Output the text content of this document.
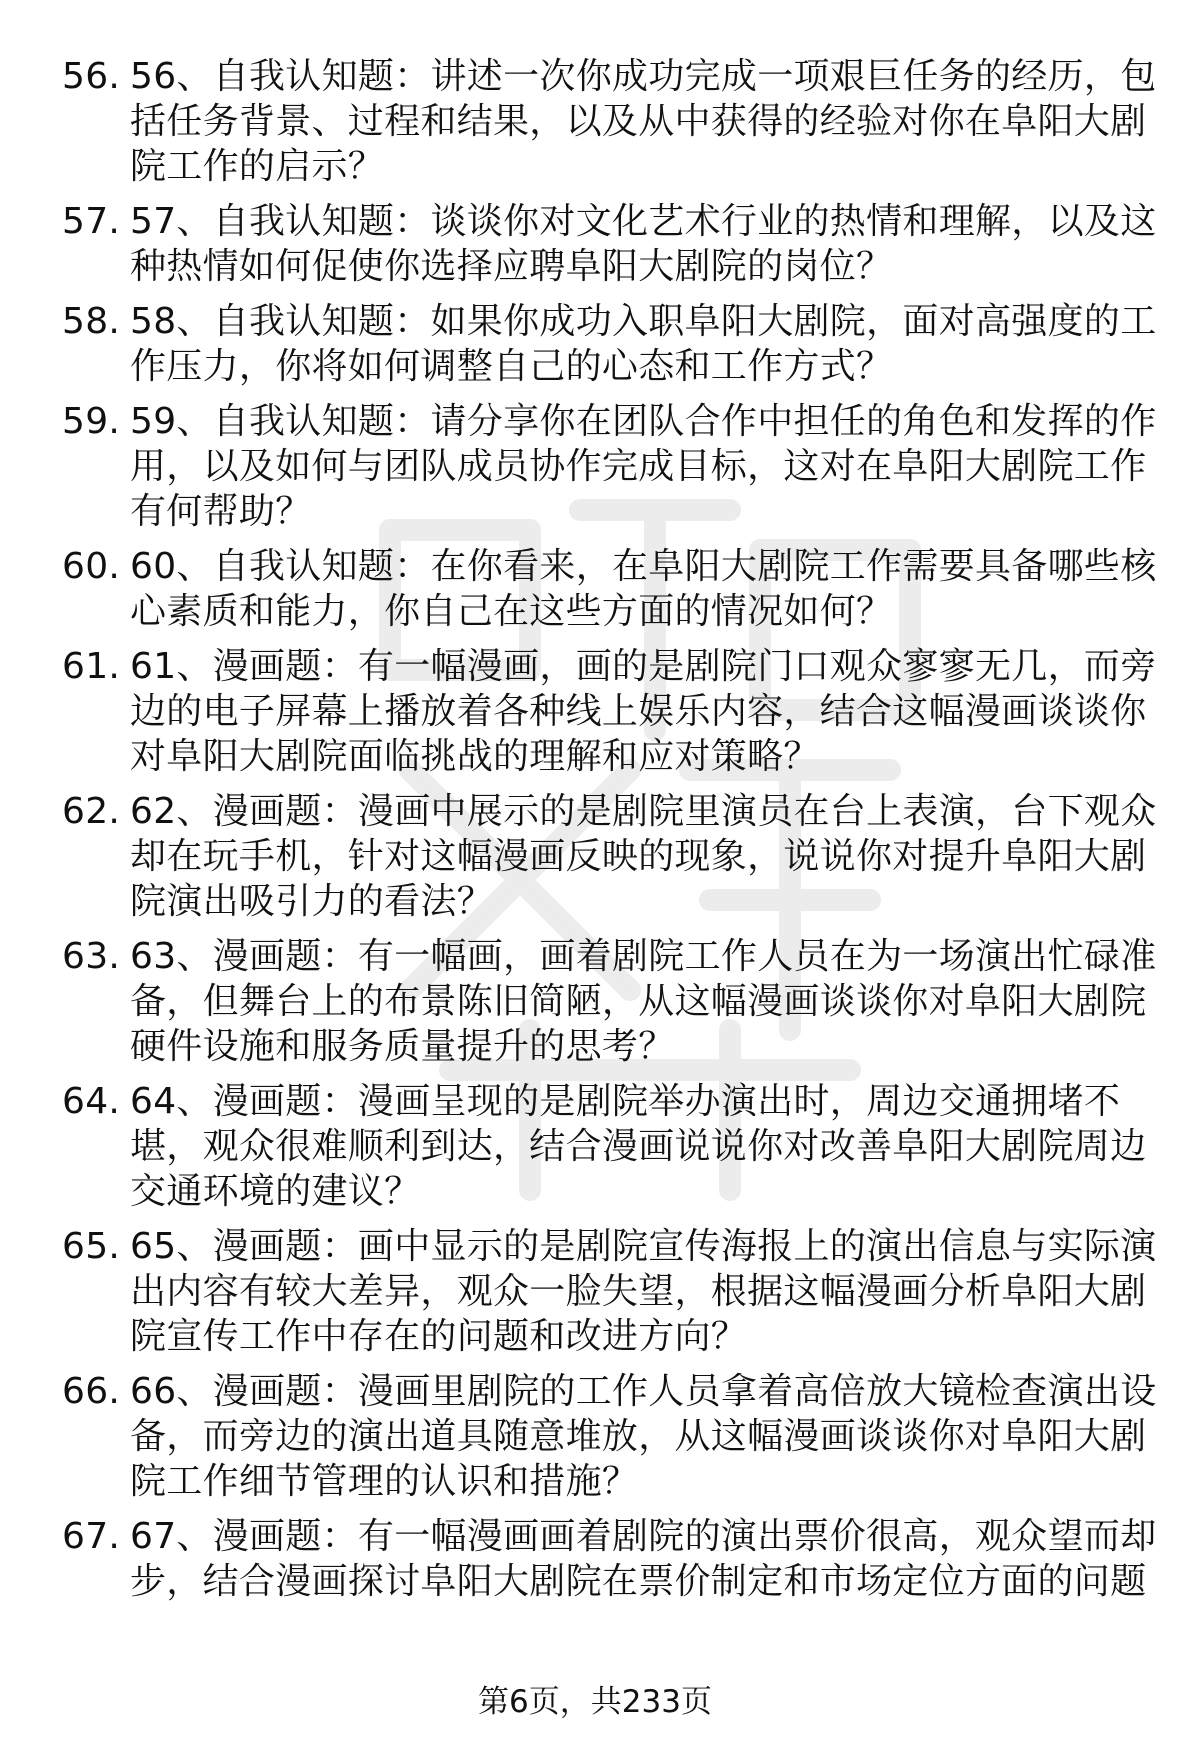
56. 56、自我认知题：讲述一次你成功完成一项艰巨任务的经历，包括任务背景、过程和结果，以及从中获得的经验对你在阜阳大剧院工作的启示？
57. 57、自我认知题：谈谈你对文化艺术行业的热情和理解，以及这种热情如何促使你选择应聘阜阳大剧院的岗位？
58. 58、自我认知题：如果你成功入职阜阳大剧院，面对高强度的工作压力，你将如何调整自己的心态和工作方式？
59. 59、自我认知题：请分享你在团队合作中担任的角色和发挥的作用，以及如何与团队成员协作完成目标，这对在阜阳大剧院工作有何帮助？
60. 60、自我认知题：在你看来，在阜阳大剧院工作需要具备哪些核心素质和能力，你自己在这些方面的情况如何？
61. 61、漫画题：有一幅漫画，画的是剧院门口观众寥寥无几，而旁边的电子屏幕上播放着各种线上娱乐内容，结合这幅漫画谈谈你对阜阳大剧院面临挑战的理解和应对策略？
62. 62、漫画题：漫画中展示的是剧院里演员在台上表演，台下观众却在玩手机，针对这幅漫画反映的现象，说说你对提升阜阳大剧院演出吸引力的看法？
63. 63、漫画题：有一幅画，画着剧院工作人员在为一场演出忙碌准备，但舞台上的布景陈旧简陋，从这幅漫画谈谈你对阜阳大剧院硬件设施和服务质量提升的思考？
64. 64、漫画题：漫画呈现的是剧院举办演出时，周边交通拥堵不堪，观众很难顺利到达，结合漫画说说你对改善阜阳大剧院周边交通环境的建议？
65. 65、漫画题：画中显示的是剧院宣传海报上的演出信息与实际演出内容有较大差异，观众一脸失望，根据这幅漫画分析阜阳大剧院宣传工作中存在的问题和改进方向？
66. 66、漫画题：漫画里剧院的工作人员拿着高倍放大镜检查演出设备，而旁边的演出道具随意堆放，从这幅漫画谈谈你对阜阳大剧院工作细节管理的认识和措施？
67. 67、漫画题：有一幅漫画画着剧院的演出票价很高，观众望而却步，结合漫画探讨阜阳大剧院在票价制定和市场定位方面的问题
第6页，共233页
